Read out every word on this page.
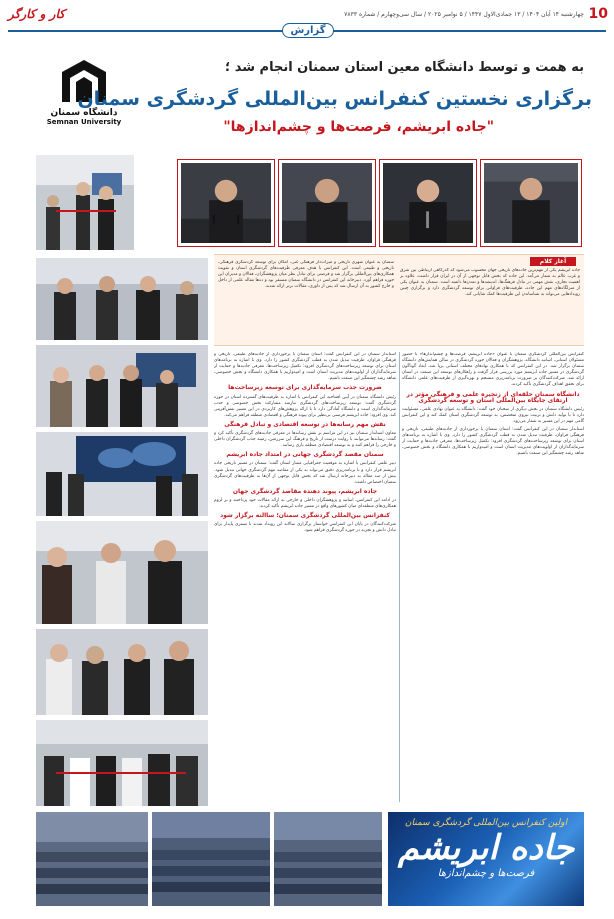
10
چهارشنبه ۱۴ آبان ۱۴۰۴ / ۱۳ جمادی‌الاول ۱۴۴۷ / ۵ نوامبر ۲۰۲۵ / سال سی‌وچهارم / شماره ۷۸۳۳
کار و کارگر
گزارش
دانشگاه سمنان
Semnan University
به همت و توسط دانشگاه معین استان سمنان انجام شد ؛
برگزاری نخستین کنفرانس بین‌المللی گردشگری سمنان
"جاده ابریشم، فرصت‌ها و چشم‌اندازها"
آغاز کلام
جاده ابریشم یکی از مهم‌ترین جاده‌های تاریخی جهان محسوب می‌شود که گذرگاهی ارتباطی بین شرق و غرب عالم به شمار می‌آمد. این جاده که بخش قابل توجهی از آن در ایران قرار داشت، علاوه بر اهمیت تجاری، نقش مهمی در تبادل فرهنگ‌ها، اندیشه‌ها و تمدن‌ها داشته است. سمنان به عنوان یکی از منزلگاه‌های مهم این جاده، ظرفیت‌های فراوانی برای توسعه گردشگری دارد و برگزاری چنین رویدادهایی می‌تواند به شناساندن این ظرفیت‌ها کمک شایانی کند.
سمنان به عنوان شهری تاریخی و میراث‌دار فرهنگی غنی، امکان برای توسعه گردشگری فرهنگی، تاریخی و طبیعی است. این کنفرانس با هدف معرفی ظرفیت‌های گردشگری استان و تقویت همکاری‌های بین‌المللی برگزار شد و فرصتی برای تبادل نظر میان پژوهشگران، فعالان و مدیران این حوزه فراهم آورد. دبیرخانه این کنفرانس در دانشگاه سمنان مستقر بود و ده‌ها مقاله علمی از داخل و خارج کشور به آن ارسال شد که پس از داوری، مقالات برتر ارائه شدند.

استاندار سمنان در این کنفرانس گفت: استان سمنان با برخورداری از جاذبه‌های طبیعی، تاریخی و فرهنگی فراوان، ظرفیت تبدیل شدن به قطب گردشگری کشور را دارد. وی با اشاره به برنامه‌های استان برای توسعه زیرساخت‌های گردشگری افزود: تکمیل زیرساخت‌ها، معرفی جاذبه‌ها و حمایت از سرمایه‌گذاران از اولویت‌های مدیریت استان است و امیدواریم با همکاری دانشگاه و بخش خصوصی، شاهد رشد چشمگیر این صنعت باشیم.

ضرورت جذب سرمایه‌گذاری برای توسعه زیرساخت‌ها

رئیس دانشگاه سمنان در آیین افتتاحیه این کنفرانس با اشاره به ظرفیت‌های گسترده استان در حوزه گردشگری گفت: توسعه زیرساخت‌های گردشگری نیازمند مشارکت بخش خصوصی و جذب سرمایه‌گذاری است و دانشگاه آمادگی دارد تا با ارائه پژوهش‌های کاربردی در این مسیر نقش‌آفرینی کند. وی افزود: جاده ابریشم فرصتی بی‌نظیر برای پیوند فرهنگی و اقتصادی منطقه فراهم می‌کند.

نقش مهم رسانه‌ها در توسعه اقتصادی و تبادل فرهنگی

معاون استاندار سمنان نیز در این مراسم بر نقش رسانه‌ها در معرفی جاذبه‌های گردشگری تأکید کرد و گفت: رسانه‌ها می‌توانند با روایت درست از تاریخ و فرهنگ این سرزمین، زمینه جذب گردشگران داخلی و خارجی را فراهم کنند و به توسعه اقتصادی منطقه یاری رسانند.

سمنان مقصد گردشگری جهانی در امتداد جاده ابریشم

دبیر علمی کنفرانس با اشاره به موقعیت جغرافیایی ممتاز استان گفت: سمنان در مسیر تاریخی جاده ابریشم قرار دارد و با برنامه‌ریزی دقیق می‌تواند به یکی از مقاصد مهم گردشگری جهانی تبدیل شود. بیش از صد مقاله به دبیرخانه ارسال شد که بخش قابل توجهی از آن‌ها به ظرفیت‌های گردشگری سمنان اختصاص داشت.

جاده ابریشم، پیوند دهنده مقاصد گردشگری جهان

در ادامه این کنفرانس، اساتید و پژوهشگران داخلی و خارجی به ارائه مقالات خود پرداختند و بر لزوم همکاری‌های منطقه‌ای میان کشورهای واقع در مسیر جاده ابریشم تأکید کردند.

کنفرانس بین‌المللی گردشگری سمنان؛ ساالنه برگزار شود

شرکت‌کنندگان در پایان این کنفرانس خواستار برگزاری سالانه این رویداد شدند تا بستری پایدار برای تبادل دانش و تجربه در حوزه گردشگری فراهم شود.

کنفرانس بین‌المللی گردشگری سمنان با عنوان «جاده ابریشم، فرصت‌ها و چشم‌اندازها» با حضور مسئولان استانی، اساتید دانشگاه، پژوهشگران و فعالان حوزه گردشگری در سالن همایش‌های دانشگاه سمنان برگزار شد. در این کنفرانس که با همکاری نهادهای مختلف استانی برپا شد، ابعاد گوناگون گردشگری در مسیر جاده ابریشم مورد بررسی قرار گرفت و راهکارهای توسعه این صنعت در استان ارائه شد. شرکت‌کنندگان بر ضرورت برنامه‌ریزی منسجم و بهره‌گیری از ظرفیت‌های علمی دانشگاه برای تحقق اهداف گردشگری تأکید کردند.

دانشگاه سمنان حلقه‌ای از زنجیره علمی و فرهنگی مؤثر در ارتقای جایگاه بین‌المللی استان و توسعه گردشگری

رئیس دانشگاه سمنان در بخش دیگری از سخنان خود گفت: دانشگاه به عنوان نهادی علمی، مسئولیت دارد تا با تولید دانش و تربیت نیروی متخصص، به توسعه گردشگری استان کمک کند و این کنفرانس گامی مهم در این مسیر به شمار می‌رود.

استاندار سمنان در این کنفرانس گفت: استان سمنان با برخورداری از جاذبه‌های طبیعی، تاریخی و فرهنگی فراوان، ظرفیت تبدیل شدن به قطب گردشگری کشور را دارد. وی با اشاره به برنامه‌های استان برای توسعه زیرساخت‌های گردشگری افزود: تکمیل زیرساخت‌ها، معرفی جاذبه‌ها و حمایت از سرمایه‌گذاران از اولویت‌های مدیریت استان است و امیدواریم با همکاری دانشگاه و بخش خصوصی، شاهد رشد چشمگیر این صنعت باشیم.

اولین کنفرانس بین‌المللی گردشگری سمنان
جاده ابریشم
فرصت‌ها و چشم‌اندازها
